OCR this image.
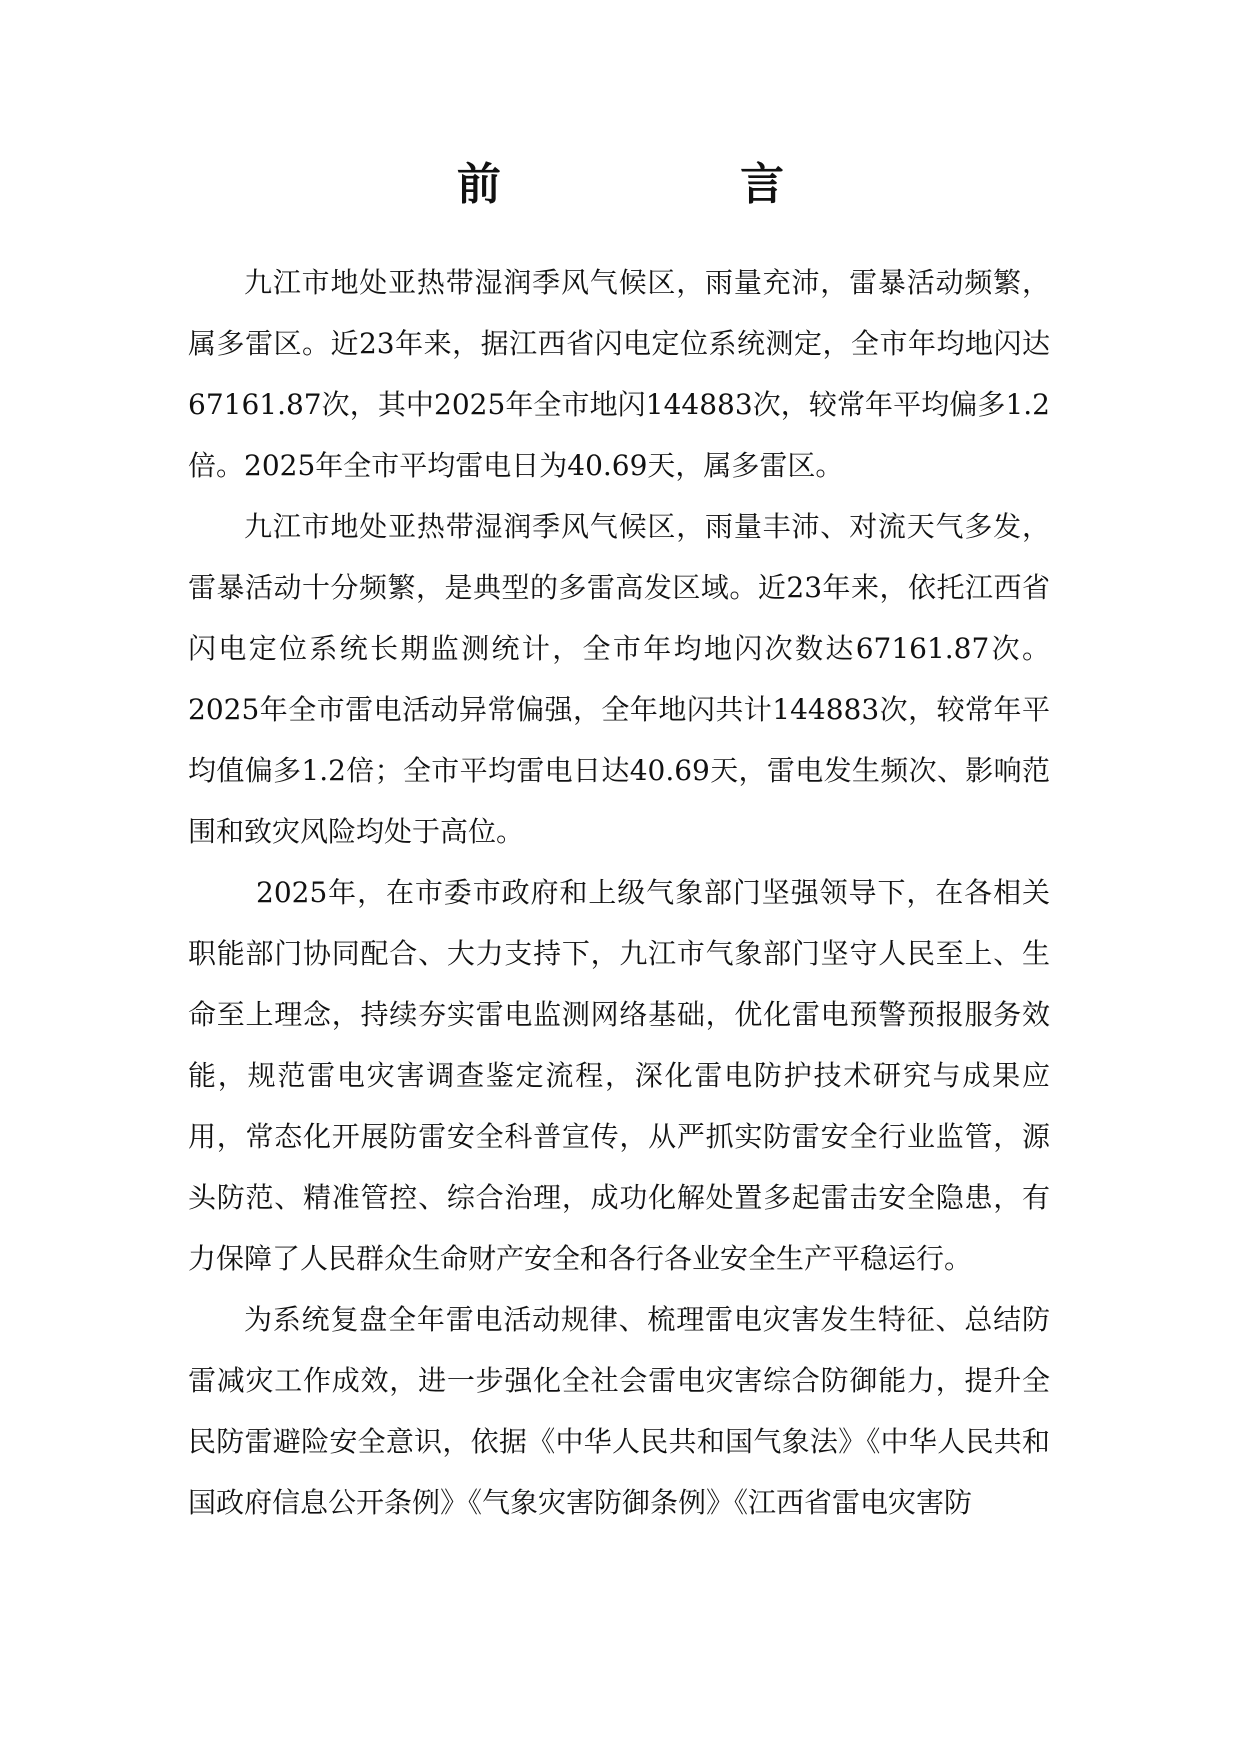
前 言

九江市地处亚热带湿润季风气候区，雨量充沛，雷暴活动频繁，属多雷区。近23年来，据江西省闪电定位系统测定，全市年均地闪达67161.87次，其中2025年全市地闪144883次，较常年平均偏多1.2倍。2025年全市平均雷电日为40.69天，属多雷区。

九江市地处亚热带湿润季风气候区，雨量丰沛、对流天气多发，雷暴活动十分频繁，是典型的多雷高发区域。近23年来，依托江西省闪电定位系统长期监测统计，全市年均地闪次数达67161.87次。2025年全市雷电活动异常偏强，全年地闪共计144883次，较常年平均值偏多1.2倍；全市平均雷电日达40.69天，雷电发生频次、影响范围和致灾风险均处于高位。

2025年，在市委市政府和上级气象部门坚强领导下，在各相关职能部门协同配合、大力支持下，九江市气象部门坚守人民至上、生命至上理念，持续夯实雷电监测网络基础，优化雷电预警预报服务效能，规范雷电灾害调查鉴定流程，深化雷电防护技术研究与成果应用，常态化开展防雷安全科普宣传，从严抓实防雷安全行业监管，源头防范、精准管控、综合治理，成功化解处置多起雷击安全隐患，有力保障了人民群众生命财产安全和各行各业安全生产平稳运行。

为系统复盘全年雷电活动规律、梳理雷电灾害发生特征、总结防雷减灾工作成效，进一步强化全社会雷电灾害综合防御能力，提升全民防雷避险安全意识，依据《中华人民共和国气象法》《中华人民共和国政府信息公开条例》《气象灾害防御条例》《江西省雷电灾害防
